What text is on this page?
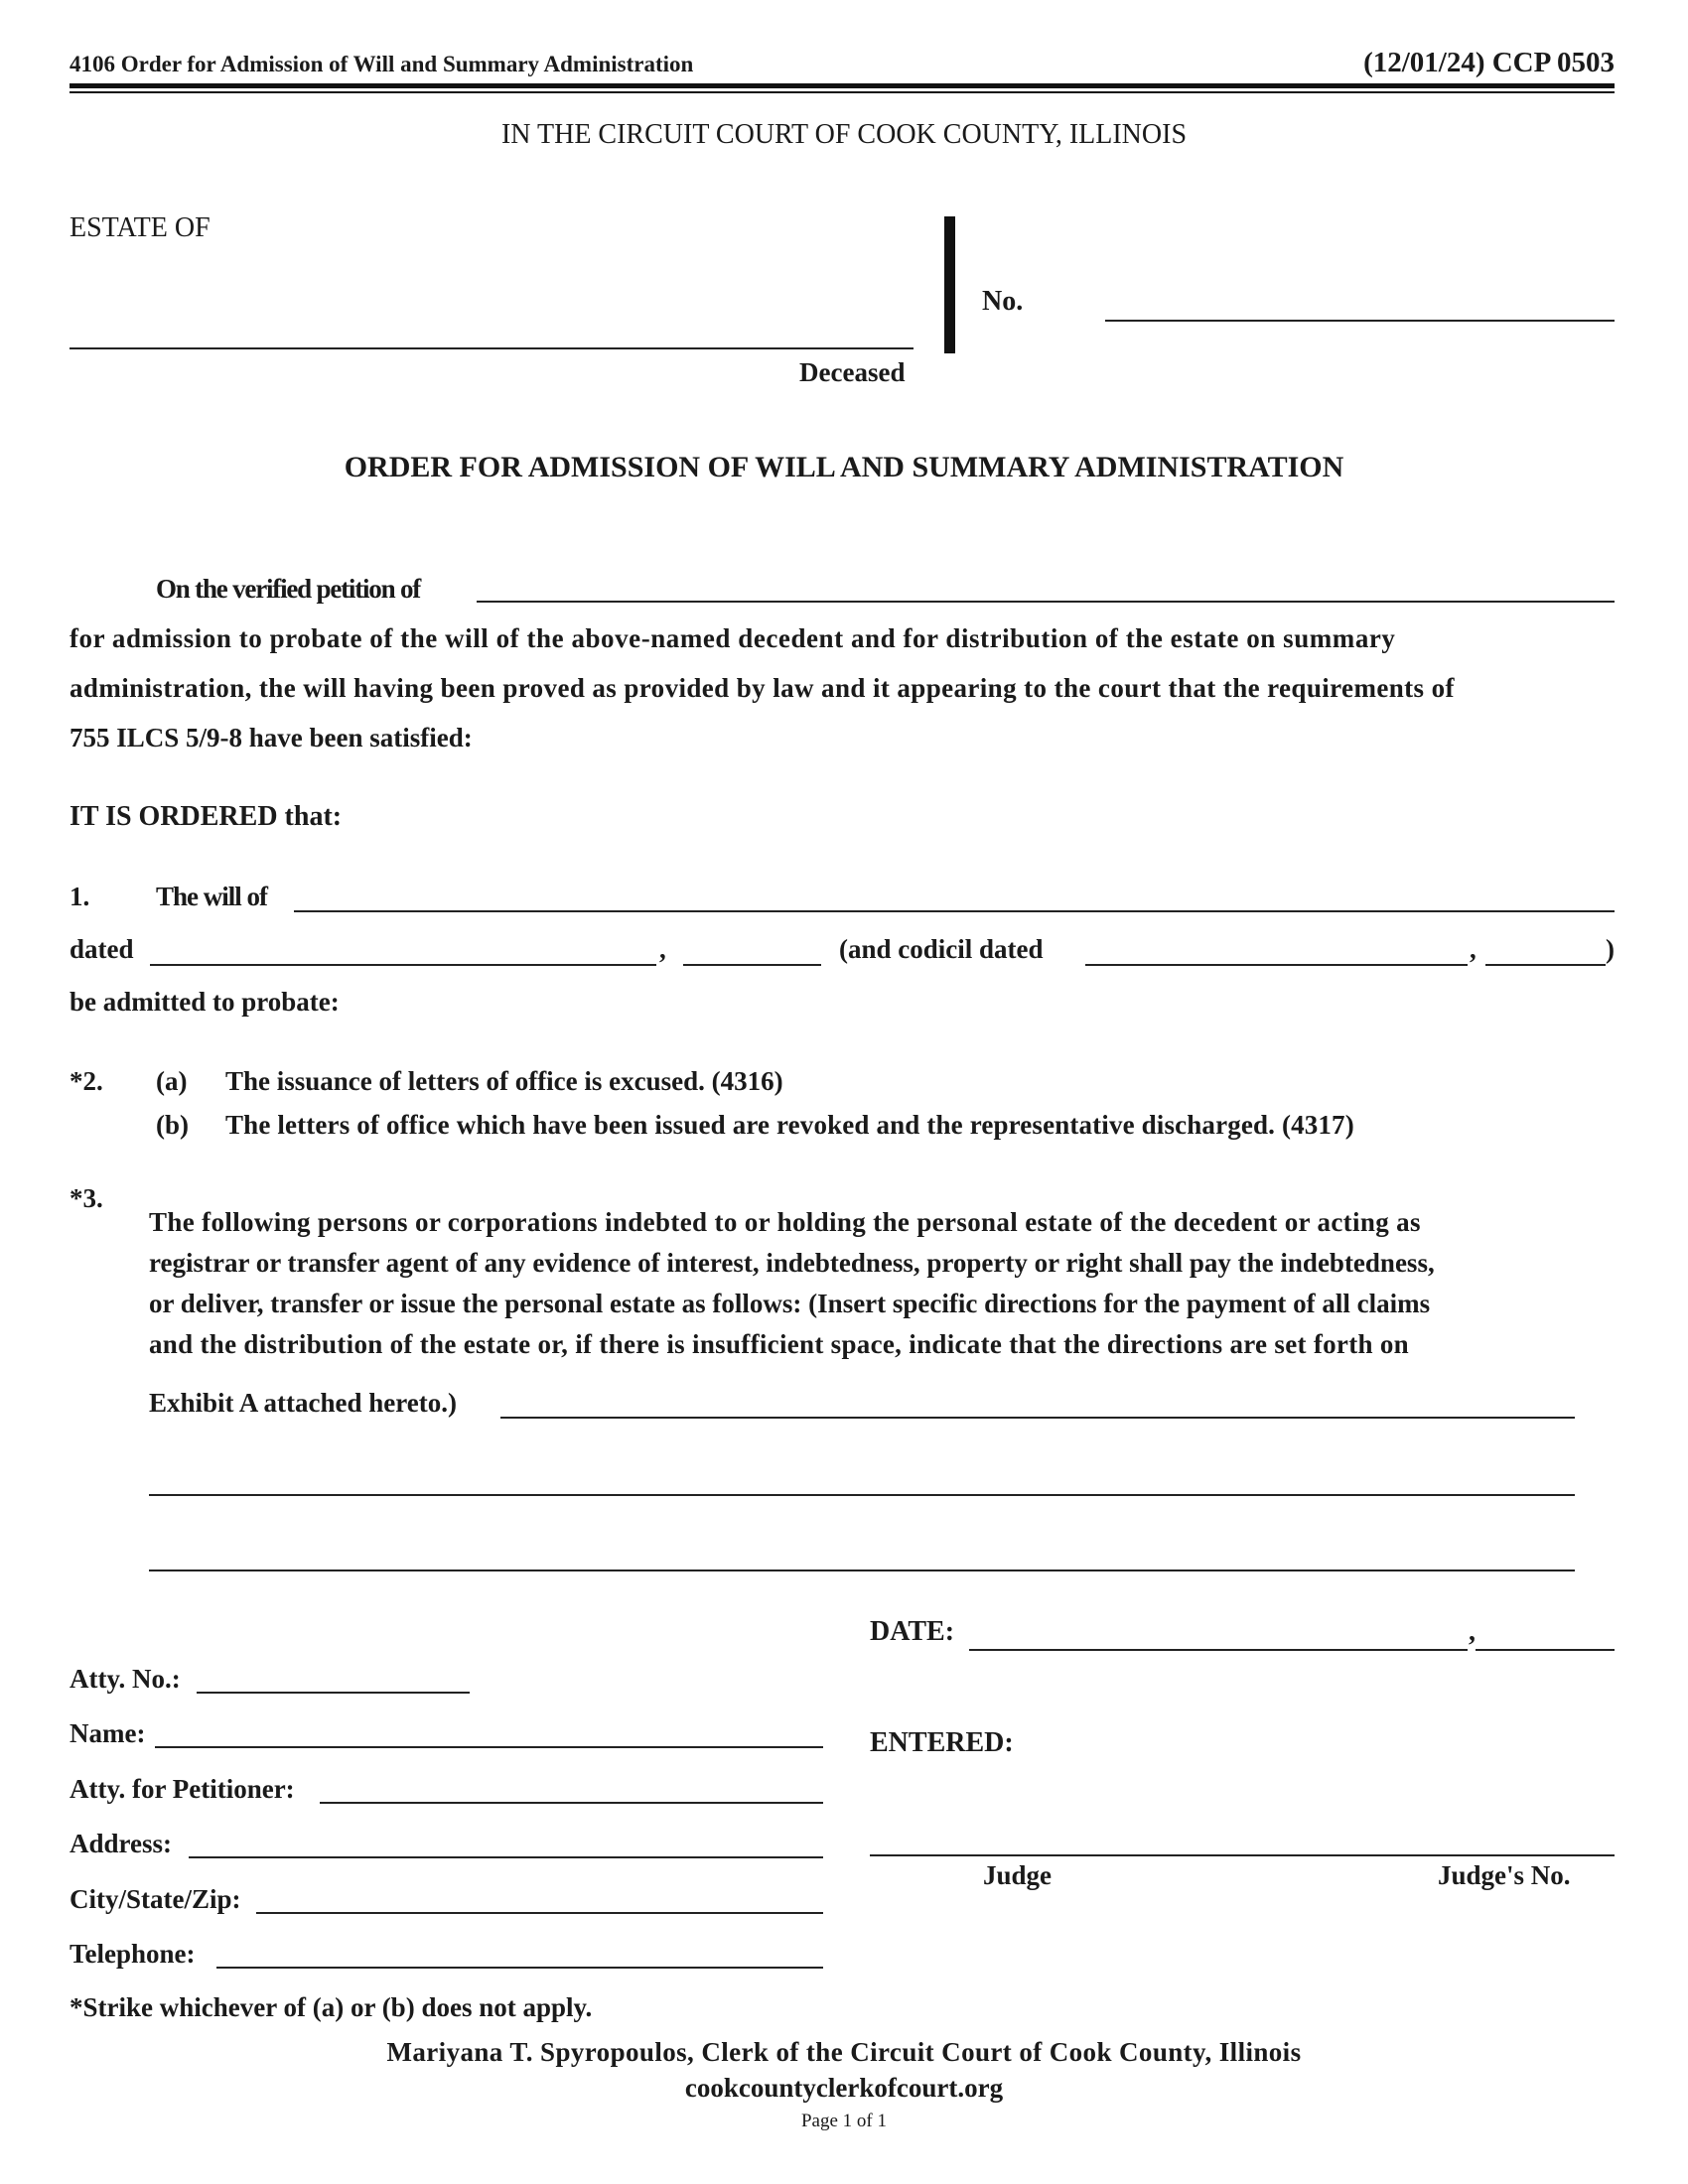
4106 Order for Admission of Will and Summary Administration	(12/01/24) CCP 0503
IN THE CIRCUIT COURT OF COOK COUNTY, ILLINOIS
ESTATE OF
Deceased
No.
ORDER FOR ADMISSION OF WILL AND SUMMARY ADMINISTRATION
On the verified petition of
for admission to probate of the will of the above-named decedent and for distribution of the estate on summary
administration, the will having been proved as provided by law and it appearing to the court that the requirements of
755 ILCS 5/9-8 have been satisfied:
IT IS ORDERED that:
1. The will of
dated	,	(and codicil dated	,	)
be admitted to probate:
*2. (a) The issuance of letters of office is excused. (4316)
(b) The letters of office which have been issued are revoked and the representative discharged. (4317)
*3.
The following persons or corporations indebted to or holding the personal estate of the decedent or acting as
registrar or transfer agent of any evidence of interest, indebtedness, property or right shall pay the indebtedness,
or deliver, transfer or issue the personal estate as follows: (Insert specific directions for the payment of all claims
and the distribution of the estate or, if there is insufficient space, indicate that the directions are set forth on
Exhibit A attached hereto.)
DATE:	,
ENTERED:
Judge	Judge's No.
Atty. No.:
Name:
Atty. for Petitioner:
Address:
City/State/Zip:
Telephone:
*Strike whichever of (a) or (b) does not apply.
Mariyana T. Spyropoulos, Clerk of the Circuit Court of Cook County, Illinois
cookcountyclerkofcourt.org
Page 1 of 1
